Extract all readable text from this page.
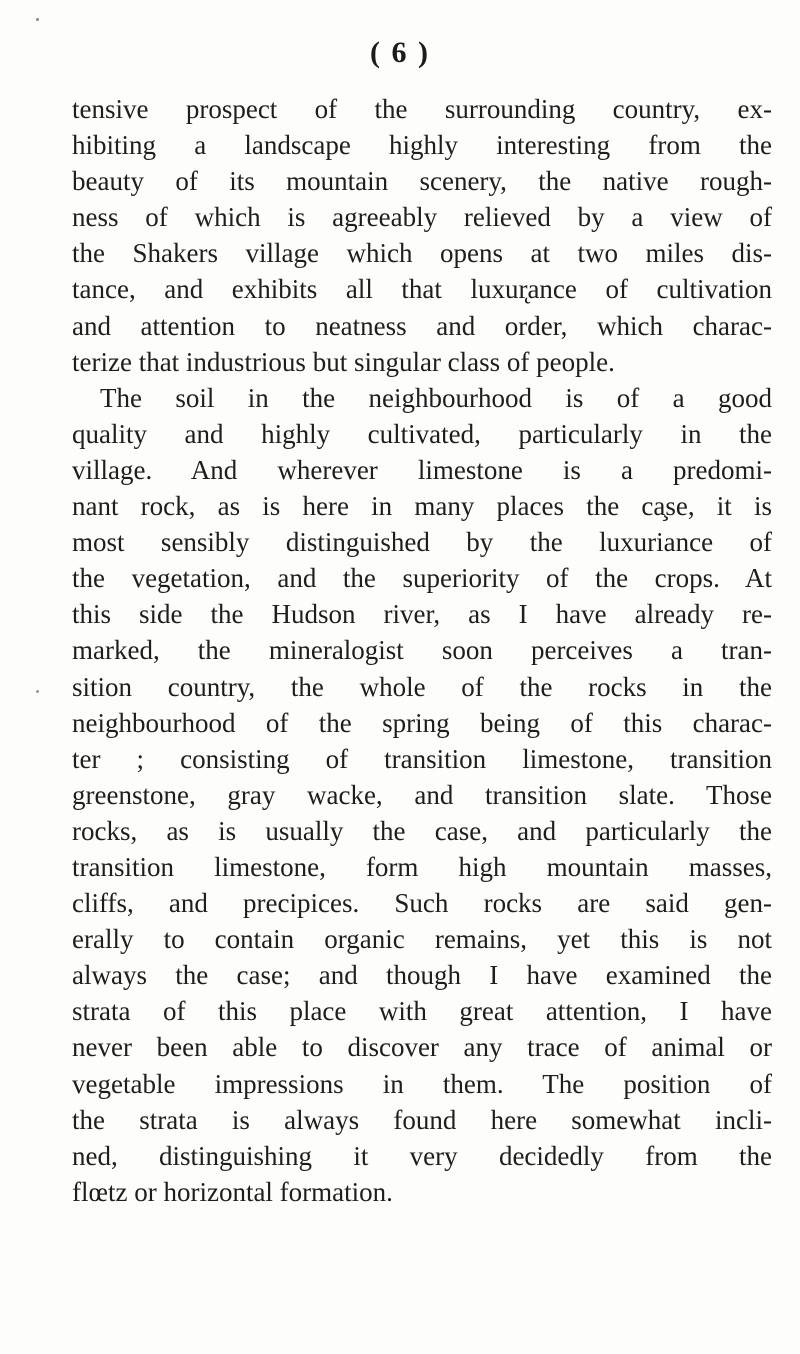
( 6 )
tensive prospect of the surrounding country, ex-
hibiting a landscape highly interesting from the
beauty of its mountain scenery, the native rough-
ness of which is agreeably relieved by a view of
the Shakers village which opens at two miles dis-
tance, and exhibits all that luxur̨ance of cultivation
and attention to neatness and order, which charac-
terize that industrious but singular class of people.
The soil in the neighbourhood is of a good
quality and highly cultivated, particularly in the
village. And wherever limestone is a predomi-
nant rock, as is here in many places the ca̧se, it is
most sensibly distinguished by the luxuriance of
the vegetation, and the superiority of the crops. At
this side the Hudson river, as I have already re-
marked, the mineralogist soon perceives a tran-
sition country, the whole of the rocks in the
neighbourhood of the spring being of this charac-
ter ; consisting of transition limestone, transition
greenstone, gray wacke, and transition slate. Those
rocks, as is usually the case, and particularly the
transition limestone, form high mountain masses,
cliffs, and precipices. Such rocks are said gen-
erally to contain organic remains, yet this is not
always the case; and though I have examined the
strata of this place with great attention, I have
never been able to discover any trace of animal or
vegetable impressions in them. The position of
the strata is always found here somewhat incli-
ned, distinguishing it very decidedly from the
flœtz or horizontal formation.
